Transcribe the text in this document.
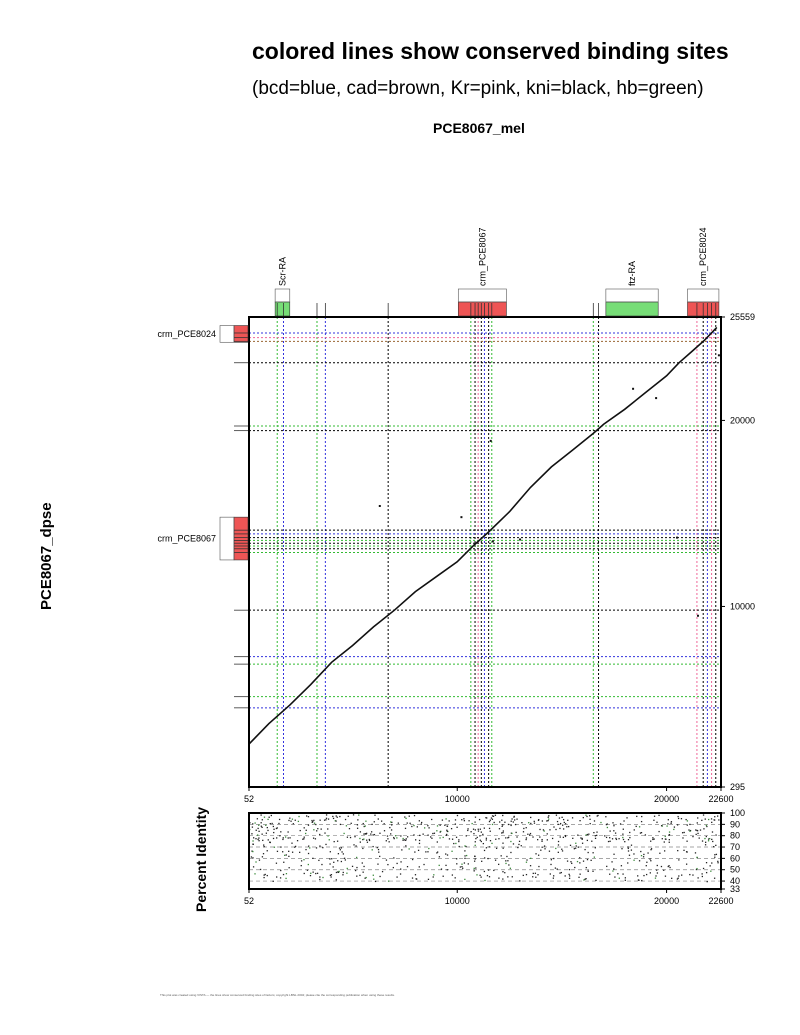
colored lines show conserved binding sites
(bcd=blue, cad=brown, Kr=pink, kni=black, hb=green)
PCE8067_mel
PCE8067_dpse
Percent Identity
This plot was created using VISTA — the lines show conserved binding sites of factors; copyright LBNL 2004; please cite the corresponding publication when using these results.
Scr-RA	crm_PCE8067	ftz-RA	crm_PCE8024
crm_PCE8024
crm_PCE8067
52	10000	20000	22600
295
10000
20000
25559
33
40
50
60
70
80
90
100
52	10000	20000	22600
